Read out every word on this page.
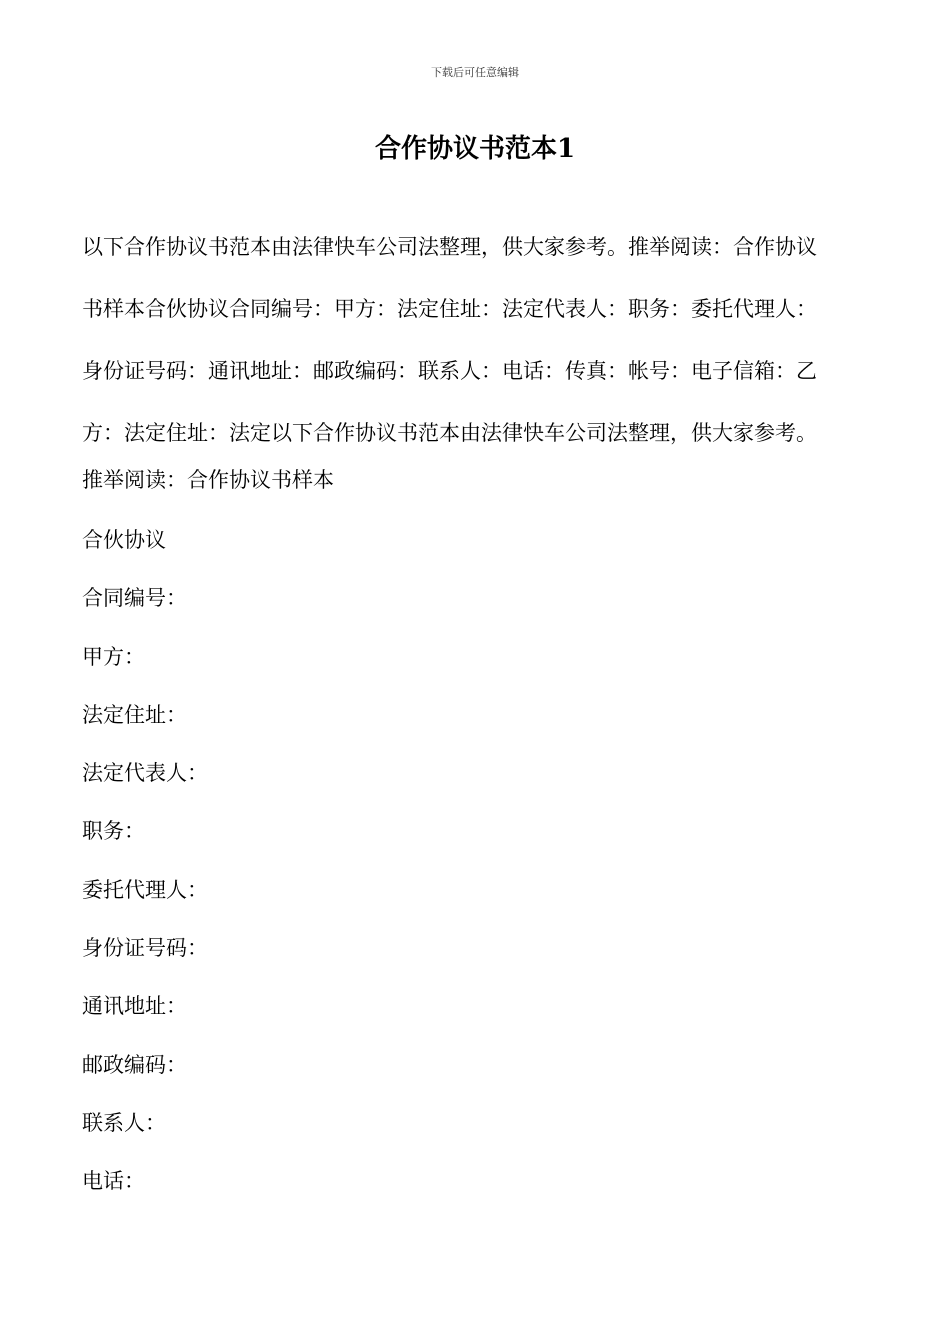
下载后可任意编辑
合作协议书范本1
以下合作协议书范本由法律快车公司法整理，供大家参考。推举阅读：合作协议
书样本合伙协议合同编号：甲方：法定住址：法定代表人：职务：委托代理人：
身份证号码：通讯地址：邮政编码：联系人：电话：传真：帐号：电子信箱：乙
方：法定住址：法定以下合作协议书范本由法律快车公司法整理，供大家参考。
推举阅读：合作协议书样本
合伙协议
合同编号：
甲方：
法定住址：
法定代表人：
职务：
委托代理人：
身份证号码：
通讯地址：
邮政编码：
联系人：
电话：
